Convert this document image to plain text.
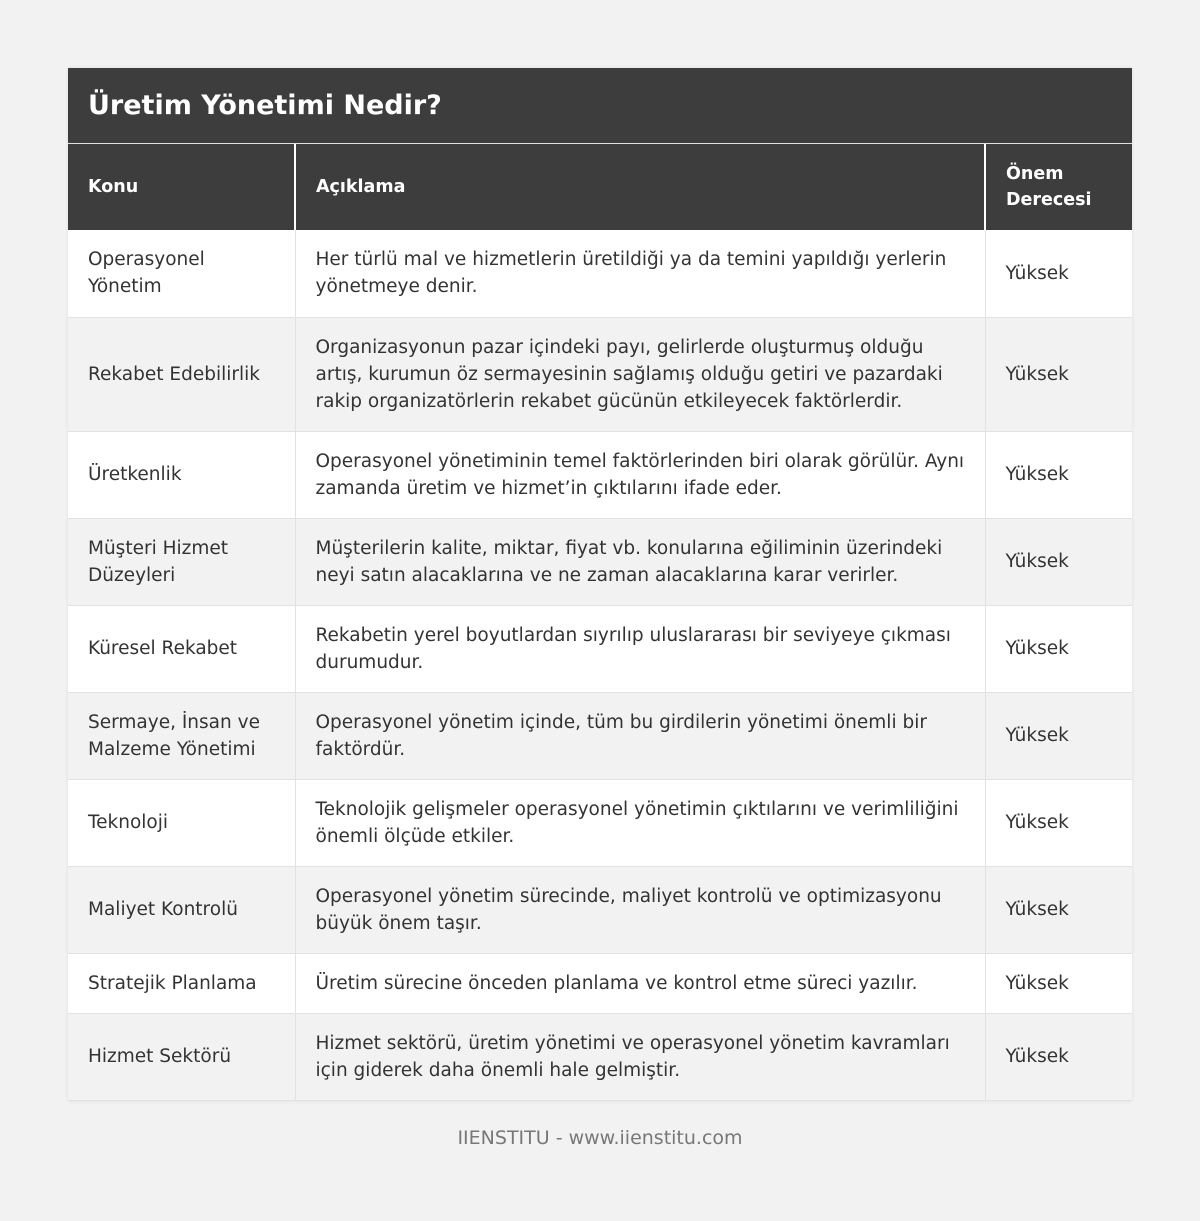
Üretim Yönetimi Nedir?
Konu	Açıklama	Önem Derecesi
Operasyonel Yönetim	Her türlü mal ve hizmetlerin üretildiği ya da temini yapıldığı yerlerin yönetmeye denir.	Yüksek
Rekabet Edebilirlik	Organizasyonun pazar içindeki payı, gelirlerde oluşturmuş olduğu artış, kurumun öz sermayesinin sağlamış olduğu getiri ve pazardaki rakip organizatörlerin rekabet gücünün etkileyecek faktörlerdir.	Yüksek
Üretkenlik	Operasyonel yönetiminin temel faktörlerinden biri olarak görülür. Aynı zamanda üretim ve hizmet’in çıktılarını ifade eder.	Yüksek
Müşteri Hizmet Düzeyleri	Müşterilerin kalite, miktar, fiyat vb. konularına eğiliminin üzerindeki neyi satın alacaklarına ve ne zaman alacaklarına karar verirler.	Yüksek
Küresel Rekabet	Rekabetin yerel boyutlardan sıyrılıp uluslararası bir seviyeye çıkması durumudur.	Yüksek
Sermaye, İnsan ve Malzeme Yönetimi	Operasyonel yönetim içinde, tüm bu girdilerin yönetimi önemli bir faktördür.	Yüksek
Teknoloji	Teknolojik gelişmeler operasyonel yönetimin çıktılarını ve verimliliğini önemli ölçüde etkiler.	Yüksek
Maliyet Kontrolü	Operasyonel yönetim sürecinde, maliyet kontrolü ve optimizasyonu büyük önem taşır.	Yüksek
Stratejik Planlama	Üretim sürecine önceden planlama ve kontrol etme süreci yazılır.	Yüksek
Hizmet Sektörü	Hizmet sektörü, üretim yönetimi ve operasyonel yönetim kavramları için giderek daha önemli hale gelmiştir.	Yüksek
IIENSTITU - www.iienstitu.com
